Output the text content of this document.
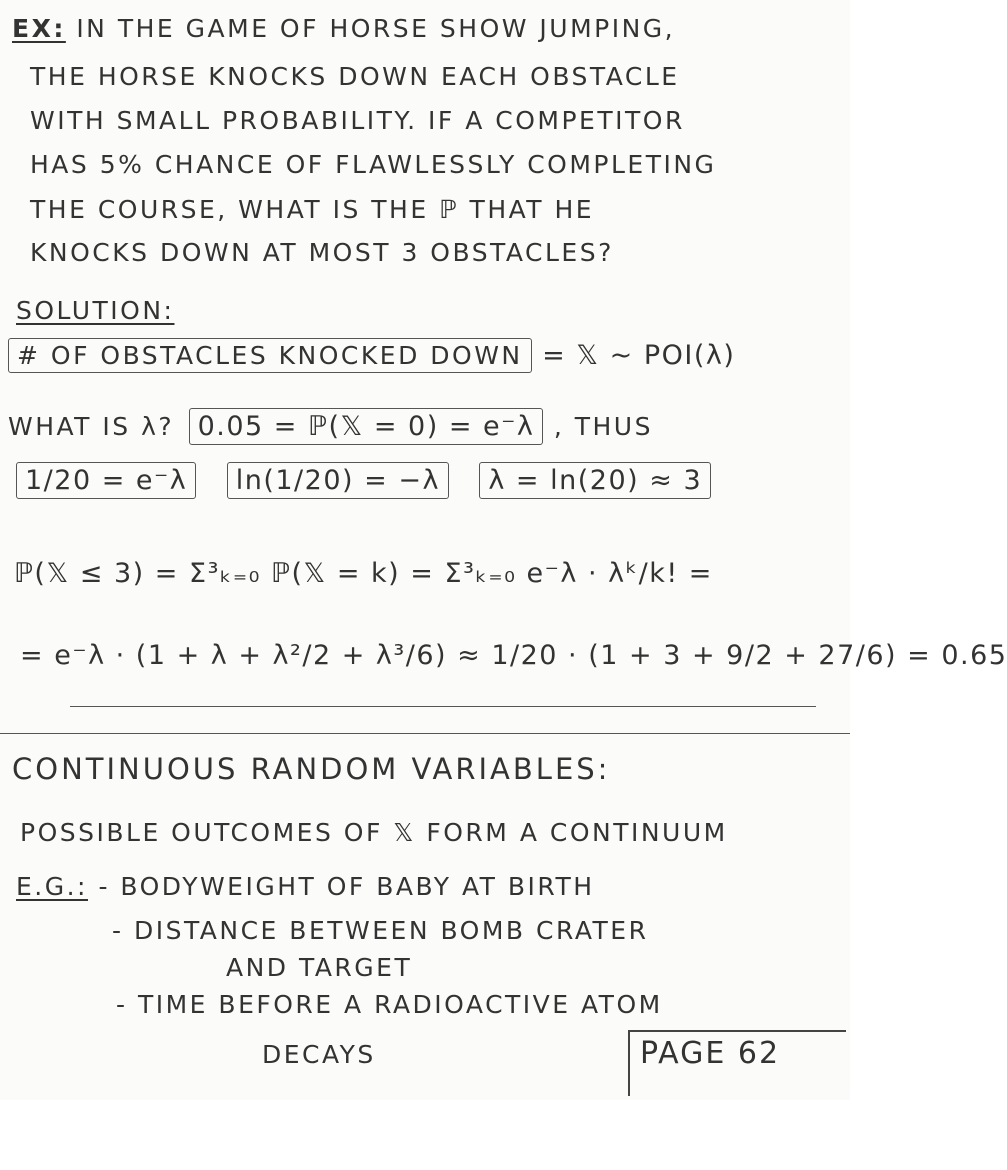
EX: IN THE GAME OF HORSE SHOW JUMPING,

THE HORSE KNOCKS DOWN EACH OBSTACLE

WITH SMALL PROBABILITY. IF A COMPETITOR

HAS 5% CHANCE OF FLAWLESSLY COMPLETING

THE COURSE, WHAT IS THE ℙ THAT HE

KNOCKS DOWN AT MOST 3 OBSTACLES?

SOLUTION:

# OF OBSTACLES KNOCKED DOWN = 𝕏 ~ POI(λ)

WHAT IS λ? 0.05 = ℙ(𝕏 = 0) = e⁻λ , THUS

1/20 = e⁻λ ln(1/20) = −λ λ = ln(20) ≈ 3

ℙ(𝕏 ≤ 3) = Σ³ₖ₌₀ ℙ(𝕏 = k) = Σ³ₖ₌₀ e⁻λ · λᵏ/k! =

= e⁻λ · (1 + λ + λ²/2 + λ³/6) ≈ 1/20 · (1 + 3 + 9/2 + 27/6) = 0.65

CONTINUOUS RANDOM VARIABLES:

POSSIBLE OUTCOMES OF 𝕏 FORM A CONTINUUM

E.G.: - BODYWEIGHT OF BABY AT BIRTH

- DISTANCE BETWEEN BOMB CRATER

AND TARGET

- TIME BEFORE A RADIOACTIVE ATOM

DECAYS	PAGE 62
